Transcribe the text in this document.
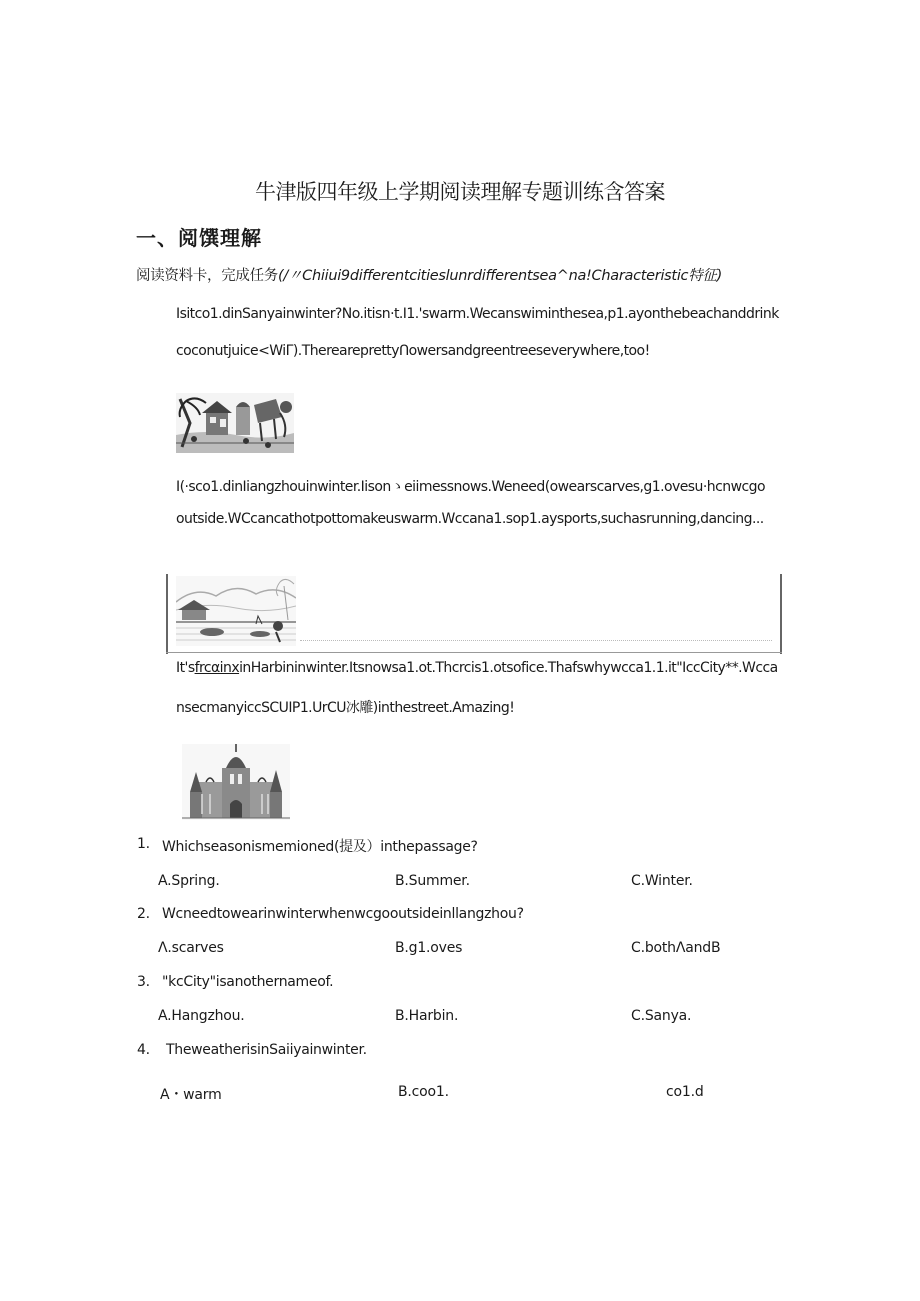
牛津版四年级上学期阅读理解专题训练含答案
一、阅馔理解
阅读资料卡，完成任务(/〃Chiiui9differentcitieslunrdifferentsea^na!Characteristic特征)
Isitco1.dinSanyainwinter?No.itisn·t.I1.'swarm.Wecanswiminthesea,p1.ayonthebeachanddrink
coconutjuice<WiΓ).ThereareprettyՈowersandgreentreeseverywhere,too!
I(·sco1.dinIiangzhouinwinter.Iisonゝeiimessnows.Weneed(owearscarves,g1.ovesu·hcnwcgo
outside.WCcancathotpottomakeuswarm.Wccana1.sop1.aysports,suchasrunning,dancing...
It'sfrcαinxinHarbininwinter.Itsnowsa1.ot.Thcrcis1.otsofice.Thafswhywcca1.1.it"IccCity**.Wcca
nsecmanyiccSCUIP1.UrCU冰雕)inthestreet.Amazing!
1. Whichseasonismemioned(提及）inthepassage?
A.Spring.	B.Summer.	C.Winter.
2. Wcneedtowearinwinterwhenwcgooutsideinllangzhou?
Λ.scarves	B.g1.oves	C.bothΛandB
3. "kcCity"isanothernameof.
A.Hangzhou.	B.Harbin.	C.Sanya.
4. TheweatherisinSaiiyainwinter.
A・warm	B.coo1.	co1.d
